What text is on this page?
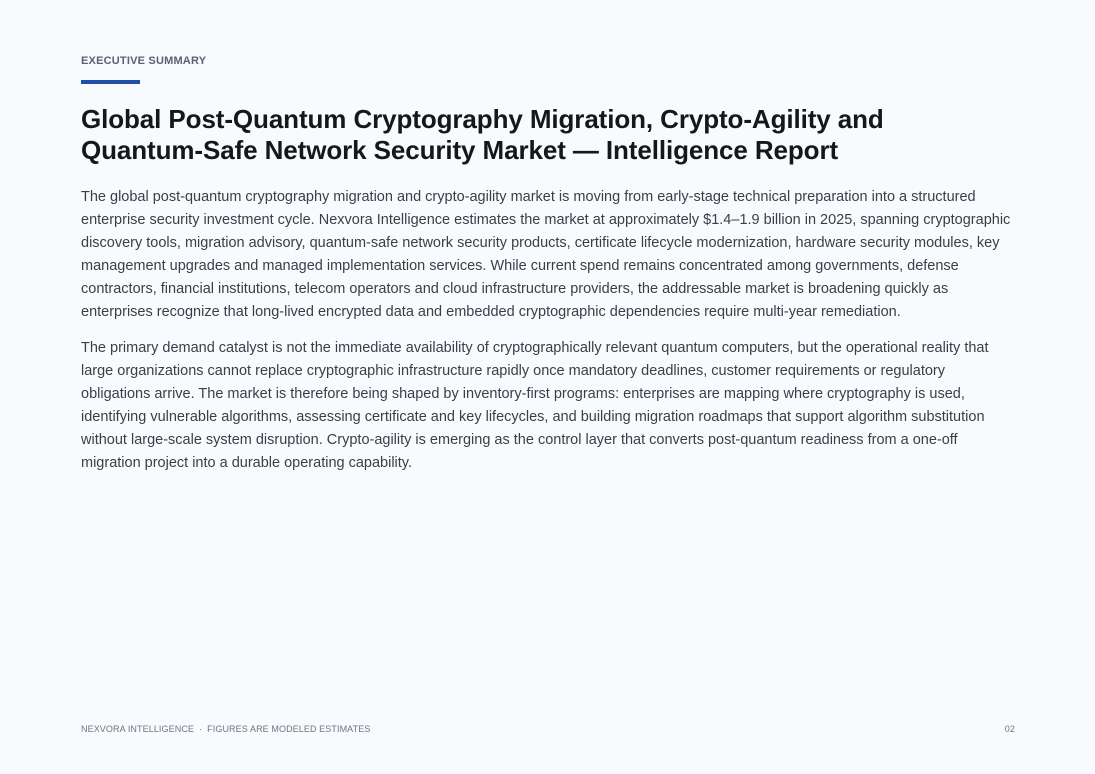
EXECUTIVE SUMMARY
Global Post-Quantum Cryptography Migration, Crypto-Agility and
Quantum-Safe Network Security Market — Intelligence Report

The global post-quantum cryptography migration and crypto-agility market is moving from early-stage technical preparation into a structured enterprise security investment cycle. Nexvora Intelligence estimates the market at approximately $1.4–1.9 billion in 2025, spanning cryptographic discovery tools, migration advisory, quantum-safe network security products, certificate lifecycle modernization, hardware security modules, key management upgrades and managed implementation services. While current spend remains concentrated among governments, defense contractors, financial institutions, telecom operators and cloud infrastructure providers, the addressable market is broadening quickly as enterprises recognize that long-lived encrypted data and embedded cryptographic dependencies require multi-year remediation.

The primary demand catalyst is not the immediate availability of cryptographically relevant quantum computers, but the operational reality that large organizations cannot replace cryptographic infrastructure rapidly once mandatory deadlines, customer requirements or regulatory obligations arrive. The market is therefore being shaped by inventory-first programs: enterprises are mapping where cryptography is used, identifying vulnerable algorithms, assessing certificate and key lifecycles, and building migration roadmaps that support algorithm substitution without large-scale system disruption. Crypto-agility is emerging as the control layer that converts post-quantum readiness from a one-off migration project into a durable operating capability.

NEXVORA INTELLIGENCE · FIGURES ARE MODELED ESTIMATES	02
